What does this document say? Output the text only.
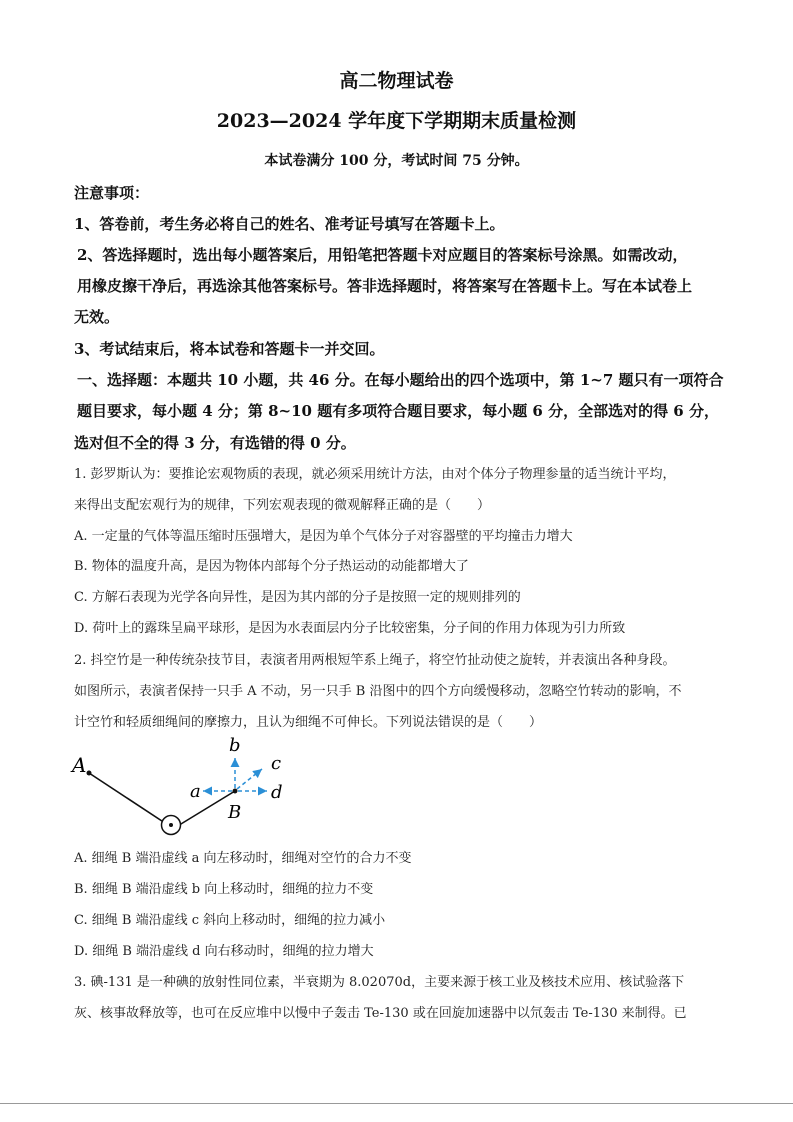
高二物理试卷
2023—2024 学年度下学期期末质量检测
本试卷满分 100 分，考试时间 75 分钟。
注意事项：
1、答卷前，考生务必将自己的姓名、准考证号填写在答题卡上。
2、答选择题时，选出每小题答案后，用铅笔把答题卡对应题目的答案标号涂黑。如需改动，
用橡皮擦干净后，再选涂其他答案标号。答非选择题时，将答案写在答题卡上。写在本试卷上
无效。
3、考试结束后，将本试卷和答题卡一并交回。
一、选择题：本题共 10 小题，共 46 分。在每小题给出的四个选项中，第 1~7 题只有一项符合
题目要求，每小题 4 分；第 8~10 题有多项符合题目要求，每小题 6 分，全部选对的得 6 分，
选对但不全的得 3 分，有选错的得 0 分。
1. 彭罗斯认为：要推论宏观物质的表现，就必须采用统计方法，由对个体分子物理参量的适当统计平均，
来得出支配宏观行为的规律，下列宏观表现的微观解释正确的是（　　）
A. 一定量的气体等温压缩时压强增大，是因为单个气体分子对容器壁的平均撞击力增大
B. 物体的温度升高，是因为物体内部每个分子热运动的动能都增大了
C. 方解石表现为光学各向异性，是因为其内部的分子是按照一定的规则排列的
D. 荷叶上的露珠呈扁平球形，是因为水表面层内分子比较密集，分子间的作用力体现为引力所致
2. 抖空竹是一种传统杂技节目，表演者用两根短竿系上绳子，将空竹扯动使之旋转，并表演出各种身段。
如图所示，表演者保持一只手 A 不动，另一只手 B 沿图中的四个方向缓慢移动，忽略空竹转动的影响，不
计空竹和轻质细绳间的摩擦力，且认为细绳不可伸长。下列说法错误的是（　　）
A
B
a
b
c
d
A. 细绳 B 端沿虚线 a 向左移动时，细绳对空竹的合力不变
B. 细绳 B 端沿虚线 b 向上移动时，细绳的拉力不变
C. 细绳 B 端沿虚线 c 斜向上移动时，细绳的拉力减小
D. 细绳 B 端沿虚线 d 向右移动时，细绳的拉力增大
3. 碘-131 是一种碘的放射性同位素，半衰期为 8.02070d，主要来源于核工业及核技术应用、核试验落下
灰、核事故释放等，也可在反应堆中以慢中子轰击 Te-130 或在回旋加速器中以氘轰击 Te-130 来制得。已
